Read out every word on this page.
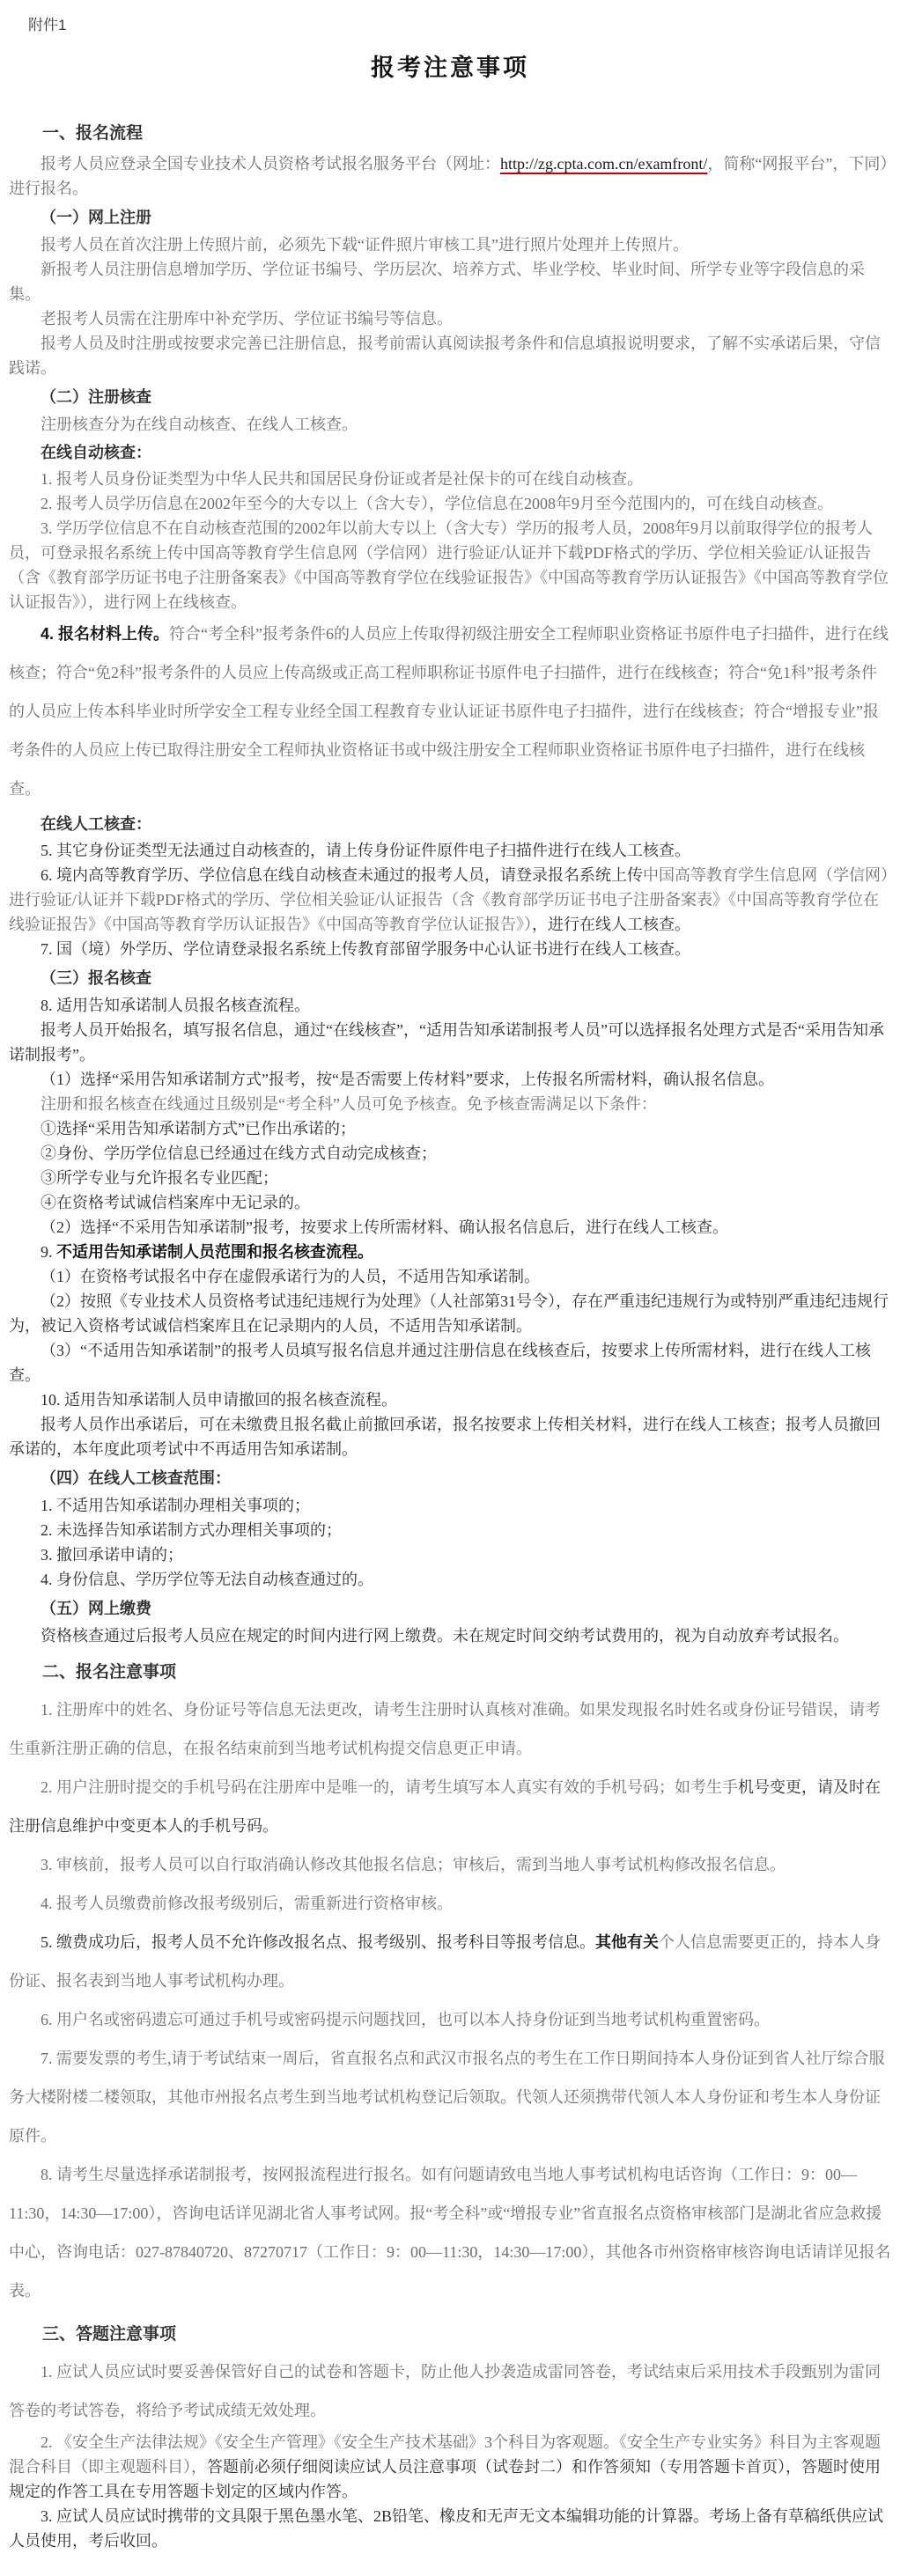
附件1
报考注意事项
一、报名流程

报考人员应登录全国专业技术人员资格考试报名服务平台（网址：http://zg.cpta.com.cn/examfront/，简称“网报平台”，下同）进行报名。

（一）网上注册

报考人员在首次注册上传照片前，必须先下载“证件照片审核工具”进行照片处理并上传照片。

新报考人员注册信息增加学历、学位证书编号、学历层次、培养方式、毕业学校、毕业时间、所学专业等字段信息的采集。

老报考人员需在注册库中补充学历、学位证书编号等信息。

报考人员及时注册或按要求完善已注册信息，报考前需认真阅读报考条件和信息填报说明要求，了解不实承诺后果，守信践诺。

（二）注册核查

注册核查分为在线自动核查、在线人工核查。

在线自动核查：

1. 报考人员身份证类型为中华人民共和国居民身份证或者是社保卡的可在线自动核查。

2. 报考人员学历信息在2002年至今的大专以上（含大专），学位信息在2008年9月至今范围内的，可在线自动核查。

3. 学历学位信息不在自动核查范围的2002年以前大专以上（含大专）学历的报考人员，2008年9月以前取得学位的报考人员，可登录报名系统上传中国高等教育学生信息网（学信网）进行验证/认证并下载PDF格式的学历、学位相关验证/认证报告（含《教育部学历证书电子注册备案表》《中国高等教育学位在线验证报告》《中国高等教育学历认证报告》《中国高等教育学位认证报告》），进行网上在线核查。

4. 报名材料上传。符合“考全科”报考条件6的人员应上传取得初级注册安全工程师职业资格证书原件电子扫描件，进行在线核查；符合“免2科”报考条件的人员应上传高级或正高工程师职称证书原件电子扫描件，进行在线核查；符合“免1科”报考条件的人员应上传本科毕业时所学安全工程专业经全国工程教育专业认证证书原件电子扫描件，进行在线核查；符合“增报专业”报考条件的人员应上传已取得注册安全工程师执业资格证书或中级注册安全工程师职业资格证书原件电子扫描件，进行在线核查。

在线人工核查：

5. 其它身份证类型无法通过自动核查的，请上传身份证件原件电子扫描件进行在线人工核查。

6. 境内高等教育学历、学位信息在线自动核查未通过的报考人员，请登录报名系统上传中国高等教育学生信息网（学信网）进行验证/认证并下载PDF格式的学历、学位相关验证/认证报告（含《教育部学历证书电子注册备案表》《中国高等教育学位在线验证报告》《中国高等教育学历认证报告》《中国高等教育学位认证报告》），进行在线人工核查。

7. 国（境）外学历、学位请登录报名系统上传教育部留学服务中心认证书进行在线人工核查。

（三）报名核查

8. 适用告知承诺制人员报名核查流程。

报考人员开始报名，填写报名信息，通过“在线核查”，“适用告知承诺制报考人员”可以选择报名处理方式是否“采用告知承诺制报考”。

（1）选择“采用告知承诺制方式”报考，按“是否需要上传材料”要求，上传报名所需材料，确认报名信息。

注册和报名核查在线通过且级别是“考全科”人员可免予核查。免予核查需满足以下条件：

①选择“采用告知承诺制方式”已作出承诺的；

②身份、学历学位信息已经通过在线方式自动完成核查；

③所学专业与允许报名专业匹配；

④在资格考试诚信档案库中无记录的。

（2）选择“不采用告知承诺制”报考，按要求上传所需材料、确认报名信息后，进行在线人工核查。

9. 不适用告知承诺制人员范围和报名核查流程。

（1）在资格考试报名中存在虚假承诺行为的人员，不适用告知承诺制。

（2）按照《专业技术人员资格考试违纪违规行为处理》（人社部第31号令），存在严重违纪违规行为或特别严重违纪违规行为，被记入资格考试诚信档案库且在记录期内的人员，不适用告知承诺制。

（3）“不适用告知承诺制”的报考人员填写报名信息并通过注册信息在线核查后，按要求上传所需材料，进行在线人工核查。

10. 适用告知承诺制人员申请撤回的报名核查流程。

报考人员作出承诺后，可在未缴费且报名截止前撤回承诺，报名按要求上传相关材料，进行在线人工核查；报考人员撤回承诺的，本年度此项考试中不再适用告知承诺制。

（四）在线人工核查范围：

1. 不适用告知承诺制办理相关事项的；

2. 未选择告知承诺制方式办理相关事项的；

3. 撤回承诺申请的；

4. 身份信息、学历学位等无法自动核查通过的。

（五）网上缴费

资格核查通过后报考人员应在规定的时间内进行网上缴费。未在规定时间交纳考试费用的，视为自动放弃考试报名。

二、报名注意事项

1. 注册库中的姓名、身份证号等信息无法更改，请考生注册时认真核对准确。如果发现报名时姓名或身份证号错误，请考生重新注册正确的信息，在报名结束前到当地考试机构提交信息更正申请。

2. 用户注册时提交的手机号码在注册库中是唯一的，请考生填写本人真实有效的手机号码；如考生手机号变更，请及时在注册信息维护中变更本人的手机号码。

3. 审核前，报考人员可以自行取消确认修改其他报名信息；审核后，需到当地人事考试机构修改报名信息。

4. 报考人员缴费前修改报考级别后，需重新进行资格审核。

5. 缴费成功后，报考人员不允许修改报名点、报考级别、报考科目等报考信息。其他有关个人信息需要更正的，持本人身份证、报名表到当地人事考试机构办理。

6. 用户名或密码遗忘可通过手机号或密码提示问题找回，也可以本人持身份证到当地考试机构重置密码。

7. 需要发票的考生,请于考试结束一周后，省直报名点和武汉市报名点的考生在工作日期间持本人身份证到省人社厅综合服务大楼附楼二楼领取，其他市州报名点考生到当地考试机构登记后领取。代领人还须携带代领人本人身份证和考生本人身份证原件。

8. 请考生尽量选择承诺制报考，按网报流程进行报名。如有问题请致电当地人事考试机构电话咨询（工作日：9：00—11:30，14:30—17:00），咨询电话详见湖北省人事考试网。报“考全科”或“增报专业”省直报名点资格审核部门是湖北省应急救援中心，咨询电话：027-87840720、87270717（工作日：9：00—11:30，14:30—17:00），其他各市州资格审核咨询电话请详见报名表。

三、答题注意事项

1. 应试人员应试时要妥善保管好自己的试卷和答题卡，防止他人抄袭造成雷同答卷，考试结束后采用技术手段甄别为雷同答卷的考试答卷，将给予考试成绩无效处理。

2. 《安全生产法律法规》《安全生产管理》《安全生产技术基础》3个科目为客观题。《安全生产专业实务》科目为主客观题混合科目（即主观题科目），答题前必须仔细阅读应试人员注意事项（试卷封二）和作答须知（专用答题卡首页），答题时使用规定的作答工具在专用答题卡划定的区域内作答。

3. 应试人员应试时携带的文具限于黑色墨水笔、2B铅笔、橡皮和无声无文本编辑功能的计算器。考场上备有草稿纸供应试人员使用，考后收回。
